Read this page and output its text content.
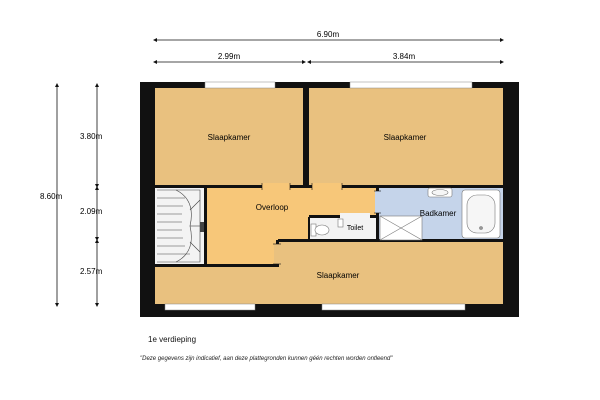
6.90m
2.99m	3.84m
8.60m
3.80m
2.09m
2.57m
Slaapkamer	Slaapkamer
Overloop
Badkamer
Toilet
Slaapkamer
1e verdieping
"Deze gegevens zijn indicatief, aan deze plattegronden kunnen géén rechten worden ontleend"
